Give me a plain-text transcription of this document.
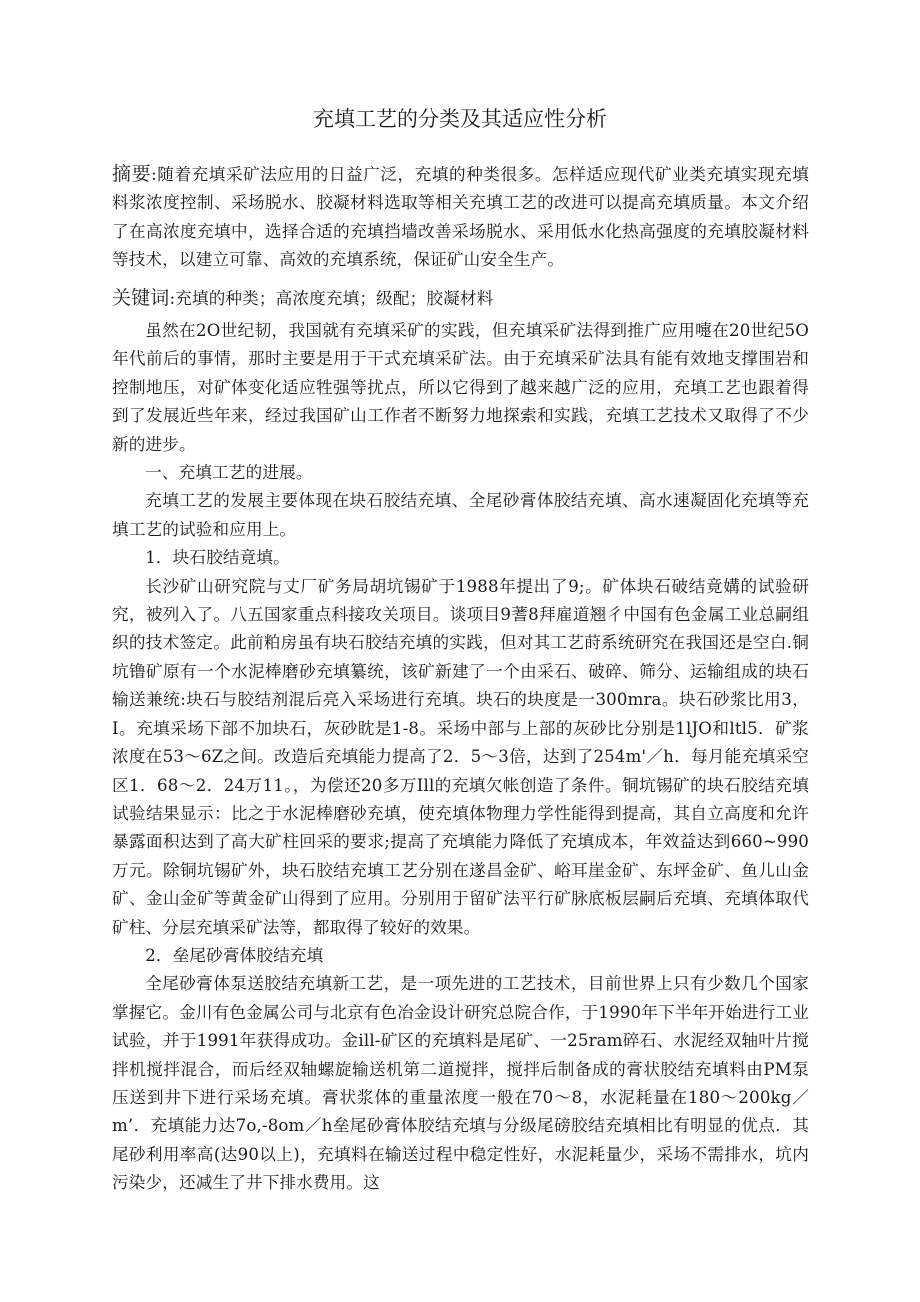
充填工艺的分类及其适应性分析
摘要:随着充填采矿法应用的日益广泛，充填的种类很多。怎样适应现代矿业类充填实现充填料浆浓度控制、采场脱水、胶凝材料选取等相关充填工艺的改进可以提高充填质量。本文介绍了在高浓度充填中，选择合适的充填挡墙改善采场脱水、采用低水化热高强度的充填胶凝材料等技术，以建立可靠、高效的充填系统，保证矿山安全生产。
关键词:充填的种类；高浓度充填；级配；胶凝材料

虽然在2O世纪韧，我国就有充填采矿的实践，但充填采矿法得到推广应用嚏在20世纪5O年代前后的事情，那时主要是用于干式充填采矿法。由于充填采矿法具有能有效地支撑围岩和控制地压，对矿体变化适应牲强等扰点，所以它得到了越来越广泛的应用，充填工艺也跟着得到了发展近些年来，经过我国矿山工作者不断努力地探索和实践，充填工艺技术又取得了不少新的进步。

一、充填工艺的进展。

充填工艺的发展主要体现在块石胶结充填、全尾砂膏体胶结充填、高水速凝固化充填等充填工艺的试验和应用上。

1．块石胶结竟填。

长沙矿山研究院与丈厂矿务局胡坑锡矿于1988年提出了9;。矿体块石破结竟媾的试验研究，被列入了。八五国家重点科接攻关项目。谈项目9蓍8拜雇道翘彳中国有色金属工业总嗣组织的技术签定。此前粕房虽有块石胶结充填的实践，但对其工艺莳系统研究在我国还是空白.铜坑镥矿原有一个水泥棒磨砂充填纂统，该矿新建了一个由采石、破碎、筛分、运输组成的块石输送兼统:块石与胶结剂混后亮入采场进行充填。块石的块度是一300mra。块石砂浆比用3，I。充填采场下部不加块石，灰砂眈是1-8。采场中部与上部的灰砂比分别是1lJO和ltl5．矿浆浓度在53～6Z之间。改造后充填能力提高了2．5～3倍，达到了254m'／h．每月能充填采空区1．68～2．24万11。，为偿还20多万Ill的充填欠帐创造了条件。铜坑锡矿的块石胶结充填试验结果显示：比之于水泥棒磨砂充填，使充填体物理力学性能得到提高，其自立高度和允许暴露面积达到了高大矿柱回采的要求;提高了充填能力降低了充填成本，年效益达到660~990万元。除铜坑锡矿外，块石胶结充填工艺分别在遂昌金矿、峪耳崖金矿、东坪金矿、鱼儿山金矿、金山金矿等黄金矿山得到了应用。分别用于留矿法平行矿脉底板层嗣后充填、充填体取代矿柱、分层充填采矿法等，都取得了较好的效果。

2．垒尾砂膏体胶结充填

全尾砂膏体泵送胶结充填新工艺，是一项先进的工艺技术，目前世界上只有少数几个国家掌握它。金川有色金属公司与北京有色冶金设计研究总院合作，于1990年下半年开始进行工业试验，并于1991年获得成功。金ill-矿区的充填料是尾矿、一25ram碎石、水泥经双轴叶片搅拌机搅拌混合，而后经双轴螺旋输送机第二道搅拌，搅拌后制备成的膏状胶结充填料由PM泵压送到井下进行采场充填。膏状浆体的重量浓度一般在70～8，水泥耗量在180～200kg／m’．充填能力达7o,-8om／h垒尾砂膏体胶结充填与分级尾磅胶结充填相比有明显的优点．其尾砂利用率高(达90以上)，充填料在输送过程中稳定性好，水泥耗量少，采场不需排水，坑内污染少，还减生了井下排水费用。这
